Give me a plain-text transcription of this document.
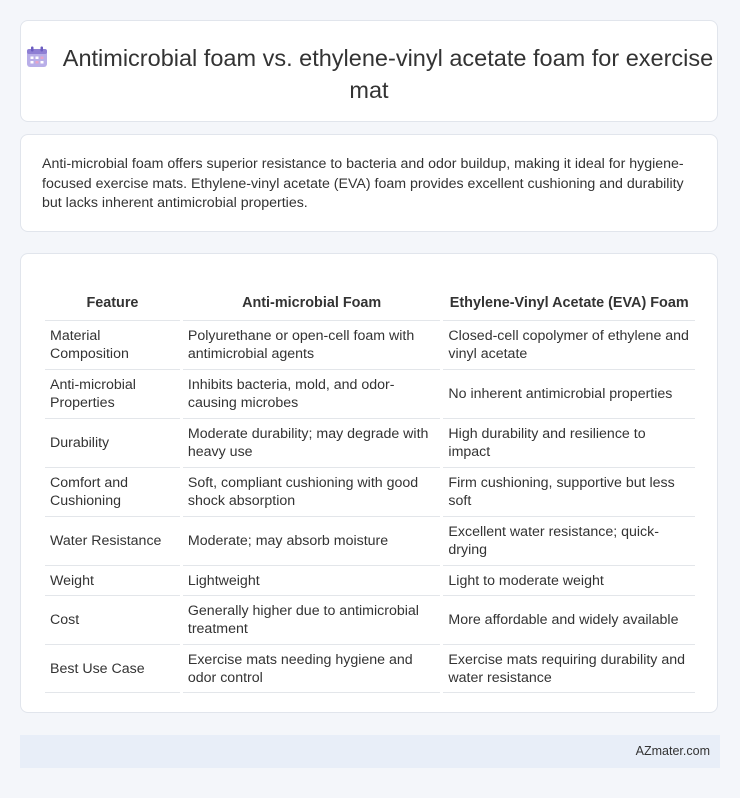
Antimicrobial foam vs. ethylene-vinyl acetate foam for exercise mat
Anti-microbial foam offers superior resistance to bacteria and odor buildup, making it ideal for hygiene-focused exercise mats. Ethylene-vinyl acetate (EVA) foam provides excellent cushioning and durability but lacks inherent antimicrobial properties.
Feature	Anti-microbial Foam	Ethylene-Vinyl Acetate (EVA) Foam
Material Composition	Polyurethane or open-cell foam with antimicrobial agents	Closed-cell copolymer of ethylene and vinyl acetate
Anti-microbial Properties	Inhibits bacteria, mold, and odor-causing microbes	No inherent antimicrobial properties
Durability	Moderate durability; may degrade with heavy use	High durability and resilience to impact
Comfort and Cushioning	Soft, compliant cushioning with good shock absorption	Firm cushioning, supportive but less soft
Water Resistance	Moderate; may absorb moisture	Excellent water resistance; quick-drying
Weight	Lightweight	Light to moderate weight
Cost	Generally higher due to antimicrobial treatment	More affordable and widely available
Best Use Case	Exercise mats needing hygiene and odor control	Exercise mats requiring durability and water resistance
AZmater.com
